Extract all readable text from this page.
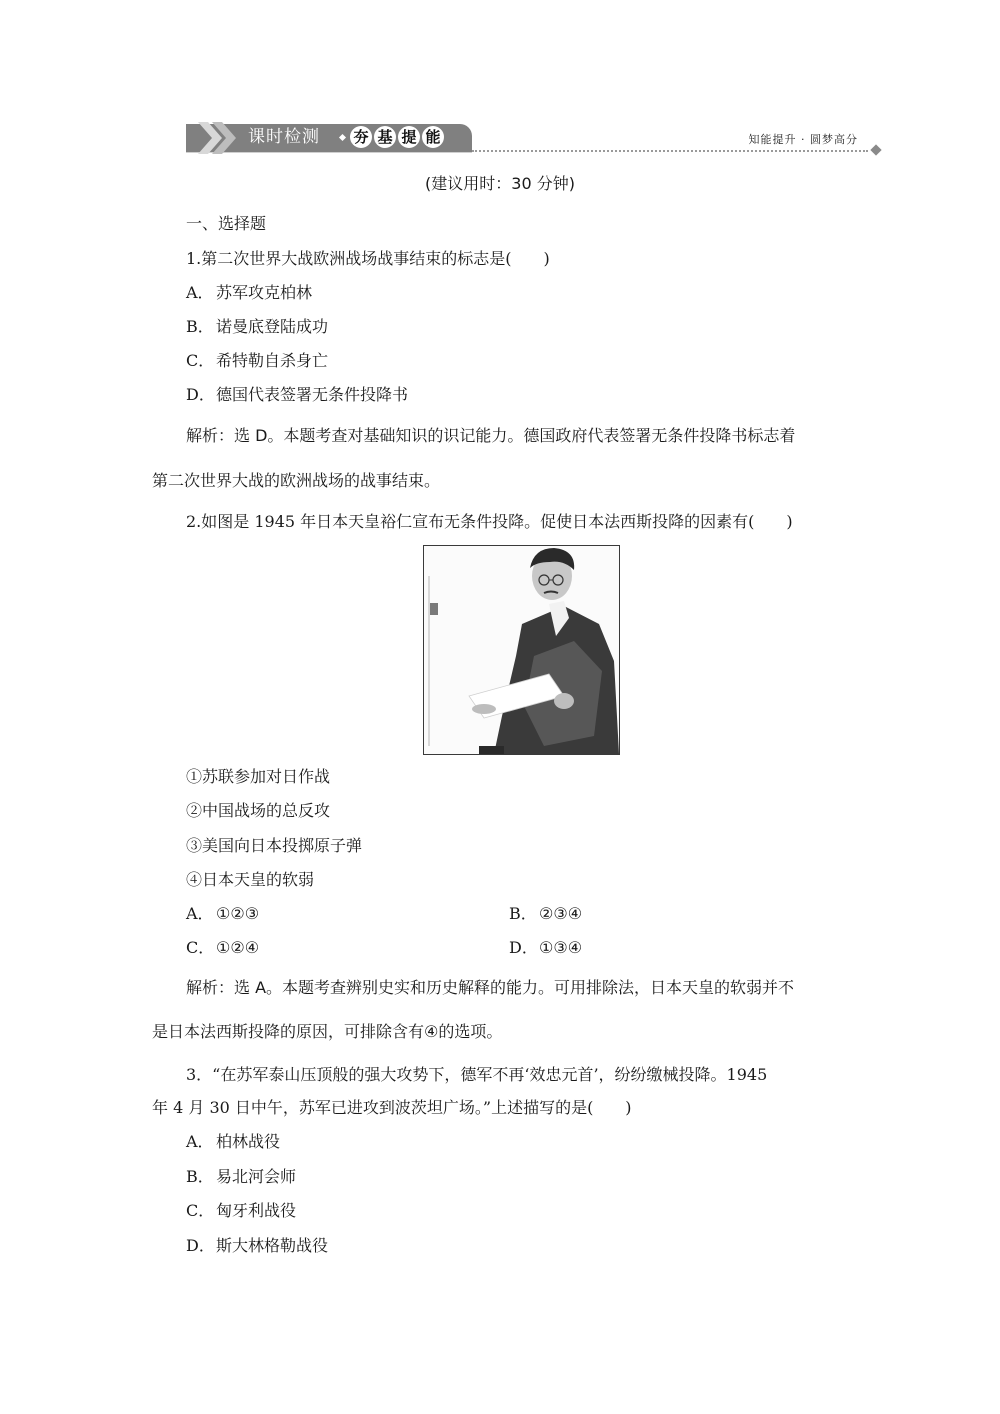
课时检测 夯 基 提 能	知能提升 · 圆梦高分
(建议用时：30 分钟)
一、选择题
1.第二次世界大战欧洲战场战事结束的标志是(　　)
A． 苏军攻克柏林
B． 诺曼底登陆成功
C． 希特勒自杀身亡
D．德国代表签署无条件投降书
解析：选 D。本题考查对基础知识的识记能力。德国政府代表签署无条件投降书标志着
第二次世界大战的欧洲战场的战事结束。
2.如图是 1945 年日本天皇裕仁宣布无条件投降。促使日本法西斯投降的因素有(　　)
①苏联参加对日作战
②中国战场的总反攻
③美国向日本投掷原子弹
④日本天皇的软弱
A． ①②③	B． ②③④
C． ①②④	D．①③④
解析：选 A。本题考查辨别史实和历史解释的能力。可用排除法，日本天皇的软弱并不
是日本法西斯投降的原因，可排除含有④的选项。
3．“在苏军泰山压顶般的强大攻势下，德军不再‘效忠元首’，纷纷缴械投降。1945
年 4 月 30 日中午，苏军已进攻到波茨坦广场。”上述描写的是(　　)
A． 柏林战役
B． 易北河会师
C． 匈牙利战役
D．斯大林格勒战役
